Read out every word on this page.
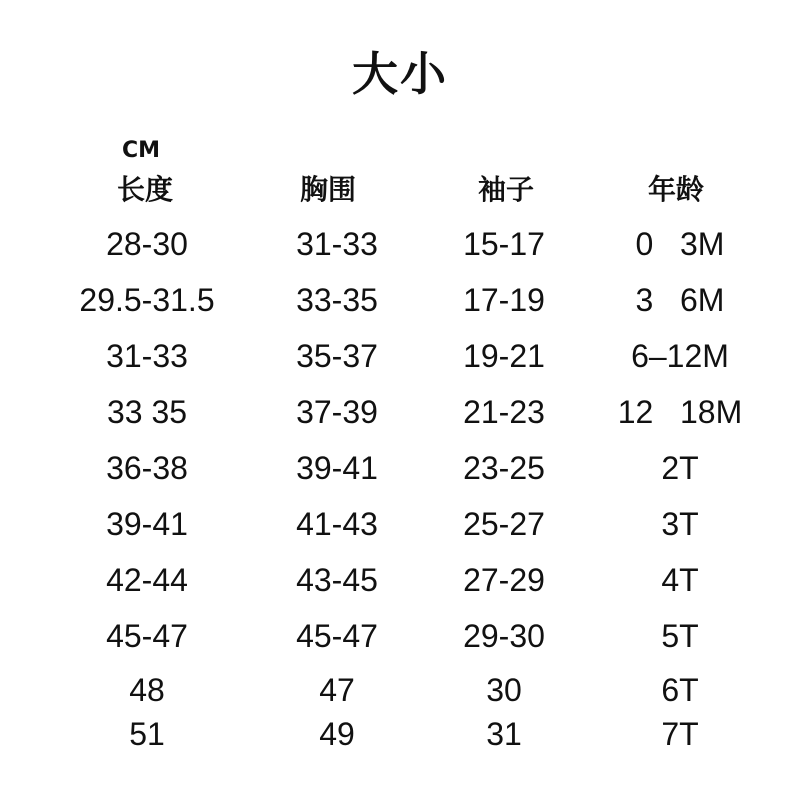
大小
CM
长度	胸围	袖子	年龄
28-30	31-33	15-17	0   3M
29.5-31.5	33-35	17-19	3   6M
31-33	35-37	19-21	6–12M
33 35	37-39	21-23	12   18M
36-38	39-41	23-25	2T
39-41	41-43	25-27	3T
42-44	43-45	27-29	4T
45-47	45-47	29-30	5T
48	47	30	6T
51	49	31	7T
